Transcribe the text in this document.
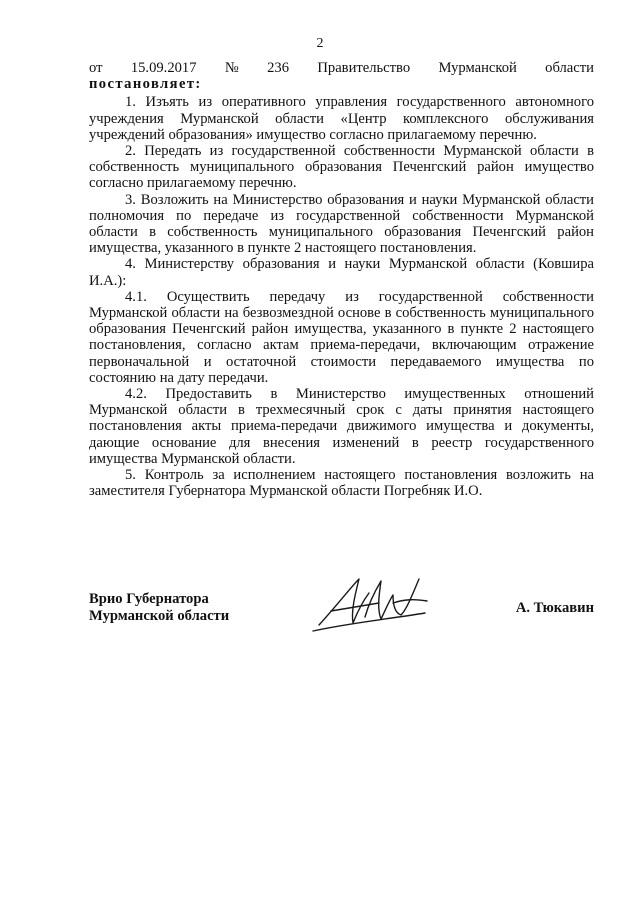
2
от 15.09.2017 № 236 Правительство Мурманской области
постановляет:

1. Изъять из оперативного управления государственного автономного учреждения Мурманской области «Центр комплексного обслуживания учреждений образования» имущество согласно прилагаемому перечню.

2. Передать из государственной собственности Мурманской области в собственность муниципального образования Печенгский район имущество согласно прилагаемому перечню.

3. Возложить на Министерство образования и науки Мурманской области полномочия по передаче из государственной собственности Мурманской области в собственность муниципального образования Печенгский район имущества, указанного в пункте 2 настоящего постановления.

4. Министерству образования и науки Мурманской области (Ковшира И.А.):

4.1. Осуществить передачу из государственной собственности Мурманской области на безвозмездной основе в собственность муниципального образования Печенгский район имущества, указанного в пункте 2 настоящего постановления, согласно актам приема-передачи, включающим отражение первоначальной и остаточной стоимости передаваемого имущества по состоянию на дату передачи.

4.2. Предоставить в Министерство имущественных отношений Мурманской области в трехмесячный срок с даты принятия настоящего постановления акты приема-передачи движимого имущества и документы, дающие основание для внесения изменений в реестр государственного имущества Мурманской области.

5. Контроль за исполнением настоящего постановления возложить на заместителя Губернатора Мурманской области Погребняк И.О.

Врио Губернатора
Мурманской области	А. Тюкавин
